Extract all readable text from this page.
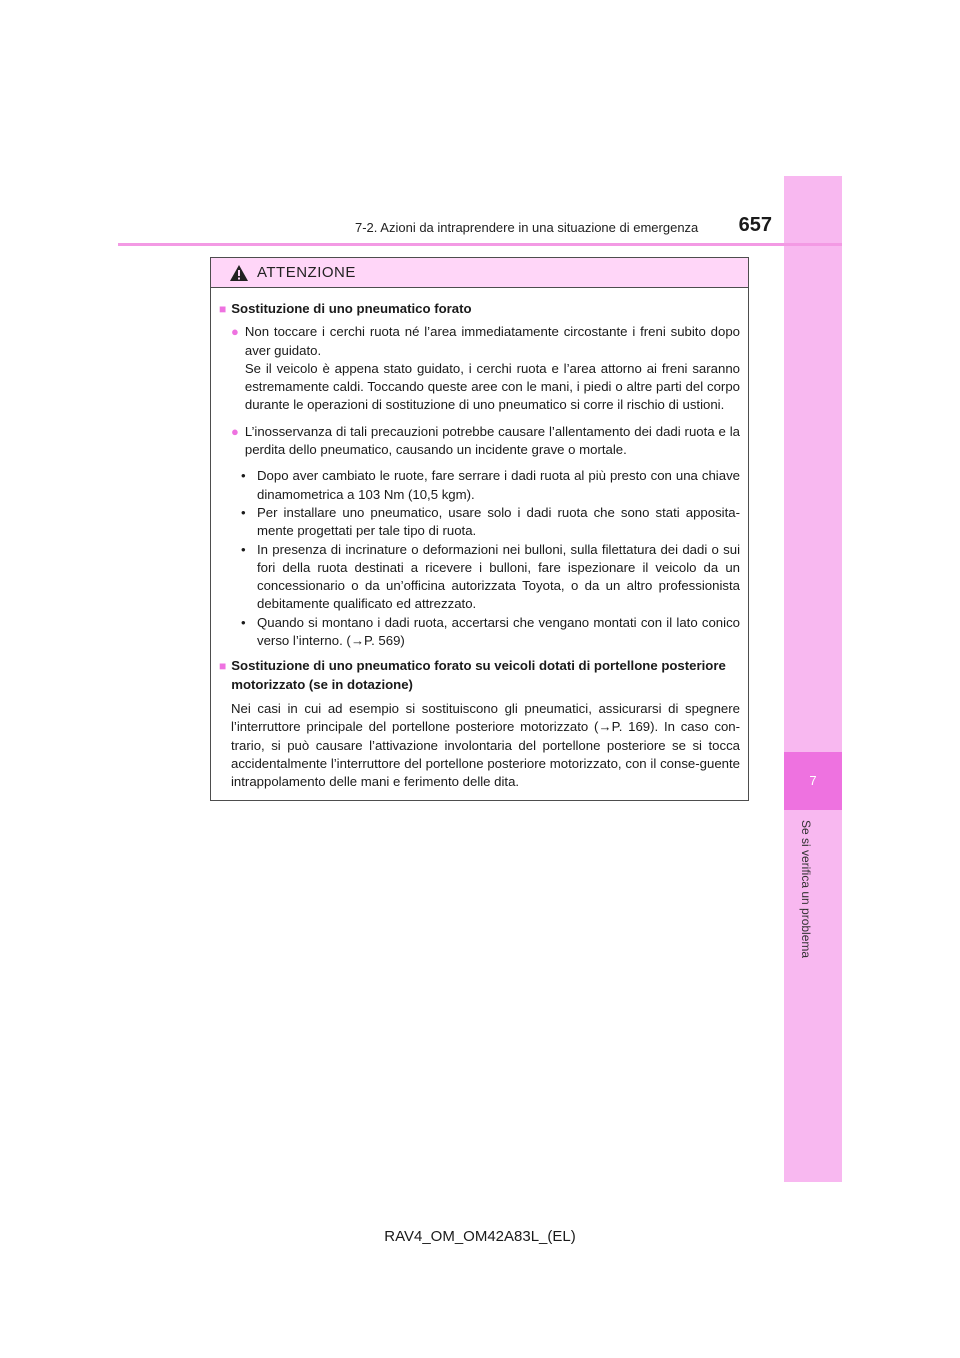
7
Se si verifica un problema
7-2. Azioni da intraprendere in una situazione di emergenza	657
ATTENZIONE
■ Sostituzione di uno pneumatico forato
● Non toccare i cerchi ruota né l’area immediatamente circostante i freni subito dopo aver guidato.
Se il veicolo è appena stato guidato, i cerchi ruota e l’area attorno ai freni saranno estremamente caldi. Toccando queste aree con le mani, i piedi o altre parti del corpo durante le operazioni di sostituzione di uno pneumatico si corre il rischio di ustioni.
● L’inosservanza di tali precauzioni potrebbe causare l’allentamento dei dadi ruota e la perdita dello pneumatico, causando un incidente grave o mortale.
• Dopo aver cambiato le ruote, fare serrare i dadi ruota al più presto con una chiave dinamometrica a 103 Nm (10,5 kgm).
• Per installare uno pneumatico, usare solo i dadi ruota che sono stati apposita-mente progettati per tale tipo di ruota.
• In presenza di incrinature o deformazioni nei bulloni, sulla filettatura dei dadi o sui fori della ruota destinati a ricevere i bulloni, fare ispezionare il veicolo da un concessionario o da un’officina autorizzata Toyota, o da un altro professionista debitamente qualificato ed attrezzato.
• Quando si montano i dadi ruota, accertarsi che vengano montati con il lato conico verso l’interno. (→P. 569)
■ Sostituzione di uno pneumatico forato su veicoli dotati di portellone posteriore motorizzato (se in dotazione)
Nei casi in cui ad esempio si sostituiscono gli pneumatici, assicurarsi di spegnere l’interruttore principale del portellone posteriore motorizzato (→P. 169). In caso con-trario, si può causare l’attivazione involontaria del portellone posteriore se si tocca accidentalmente l’interruttore del portellone posteriore motorizzato, con il conse-guente intrappolamento delle mani e ferimento delle dita.
RAV4_OM_OM42A83L_(EL)
